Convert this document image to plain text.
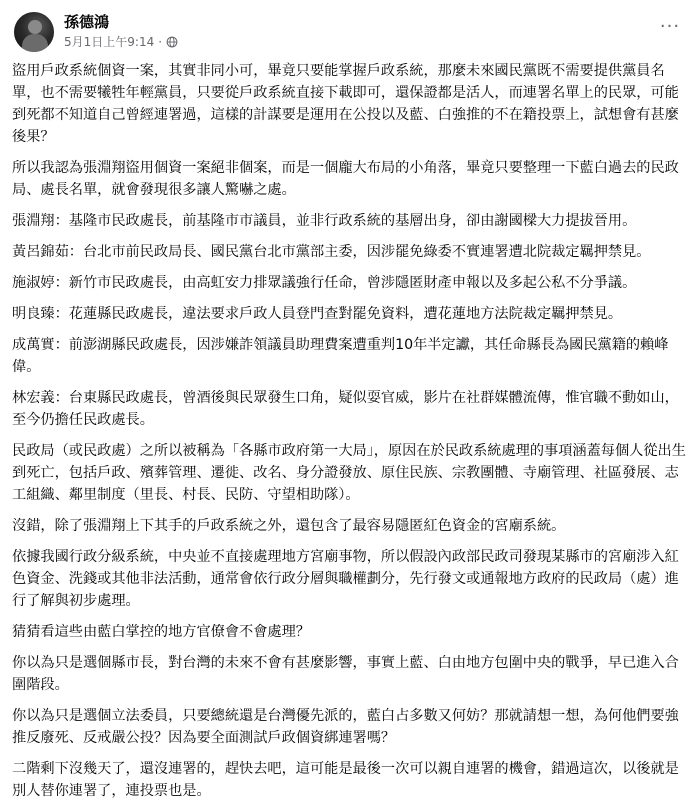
孫德鴻
5月1日上午9:14 ·
···

盜用戶政系統個資一案，其實非同小可，畢竟只要能掌握戶政系統，那麼未來國民黨既不需要提供黨員名單，也不需要犧牲年輕黨員，只要從戶政系統直接下載即可，還保證都是活人，而連署名單上的民眾，可能到死都不知道自己曾經連署過，這樣的計謀要是運用在公投以及藍、白強推的不在籍投票上，試想會有甚麼後果？

所以我認為張淵翔盜用個資一案絕非個案，而是一個龐大布局的小角落，畢竟只要整理一下藍白過去的民政局、處長名單，就會發現很多讓人驚嚇之處。

張淵翔：基隆市民政處長，前基隆市市議員，並非行政系統的基層出身，卻由謝國樑大力提拔晉用。

黃呂錦茹：台北市前民政局長、國民黨台北市黨部主委，因涉罷免綠委不實連署遭北院裁定羈押禁見。

施淑婷：新竹市民政處長，由高虹安力排眾議強行任命，曾涉隱匿財產申報以及多起公私不分爭議。

明良臻：花蓮縣民政處長，違法要求戶政人員登門查對罷免資料，遭花蓮地方法院裁定羈押禁見。

成萬實：前澎湖縣民政處長，因涉嫌詐領議員助理費案遭重判10年半定讞，其任命縣長為國民黨籍的賴峰偉。

林宏義：台東縣民政處長，曾酒後與民眾發生口角，疑似耍官威，影片在社群媒體流傳，惟官職不動如山，至今仍擔任民政處長。

民政局（或民政處）之所以被稱為「各縣市政府第一大局」，原因在於民政系統處理的事項涵蓋每個人從出生到死亡，包括戶政、殯葬管理、遷徙、改名、身分證發放、原住民族、宗教團體、寺廟管理、社區發展、志工組織、鄰里制度（里長、村長、民防、守望相助隊）。

沒錯，除了張淵翔上下其手的戶政系統之外，還包含了最容易隱匿紅色資金的宮廟系統。

依據我國行政分級系統，中央並不直接處理地方宮廟事物，所以假設內政部民政司發現某縣市的宮廟涉入紅色資金、洗錢或其他非法活動，通常會依行政分層與職權劃分，先行發文或通報地方政府的民政局（處）進行了解與初步處理。

猜猜看這些由藍白掌控的地方官僚會不會處理？

你以為只是選個縣市長，對台灣的未來不會有甚麼影響，事實上藍、白由地方包圍中央的戰爭，早已進入合圍階段。

你以為只是選個立法委員，只要總統還是台灣優先派的，藍白占多數又何妨？那就請想一想，為何他們要強推反廢死、反戒嚴公投？因為要全面測試戶政個資綁連署嗎？

二階剩下沒幾天了，還沒連署的，趕快去吧，這可能是最後一次可以親自連署的機會，錯過這次，以後就是別人替你連署了，連投票也是。
